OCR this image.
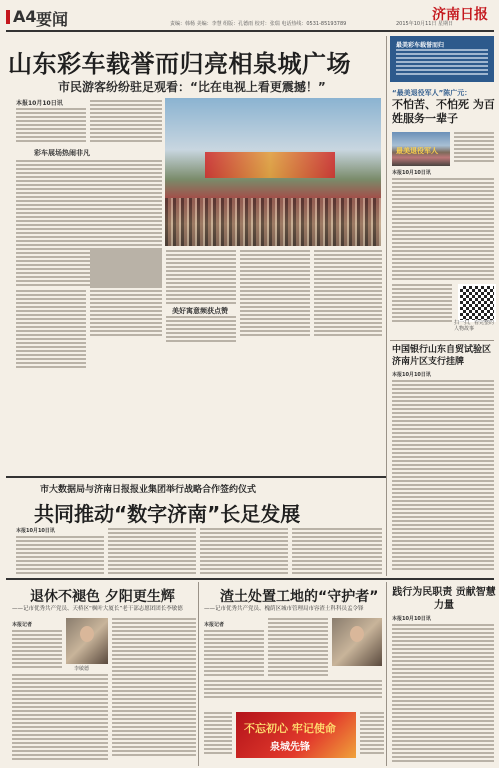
A4 要闻	责编：韩杨 美编：李慧 组版：孔德雨 校对：张瑞 电话热线：0531-85193789
济南日报
2015年10月11日 星期日
山东彩车载誉而归亮相泉城广场
市民游客纷纷驻足观看：“比在电视上看更震撼！”
本报10月10日讯
彩车展场热闹非凡
美好寓意频获点赞
最美彩车载誉而归
“最美退役军人”陈广元：
不怕苦、不怕死 为百姓服务一辈子
最美退役军人
本报10月10日讯
扫一扫，看完整的人物故事
中国银行山东自贸试验区济南片区支行挂牌
本报10月10日讯
市大数据局与济南日报报业集团举行战略合作签约仪式
共同推动“数字济南”长足发展
本报10月10日讯
退休不褪色 夕阳更生辉
——记市优秀共产党员、天桥区“枫叶大厦长”老干部志愿团团长李敏德
本报记者
李敏德
渣土处置工地的“守护者”
——记市优秀共产党员、槐荫区城市管理局市容渣土科科员孟令锋
本报记者
不忘初心 牢记使命
泉城先锋
践行为民职责 贡献智慧力量
本报10月10日讯
